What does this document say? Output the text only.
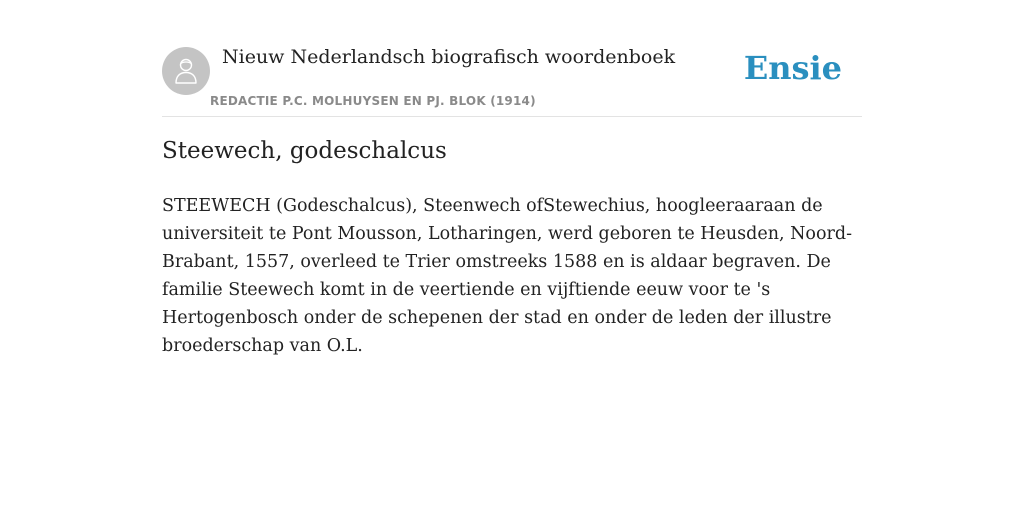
Nieuw Nederlandsch biografisch woordenboek
REDACTIE P.C. MOLHUYSEN EN PJ. BLOK (1914)
Ensie
Steewech, godeschalcus

STEEWECH (Godeschalcus), Steenwech ofStewechius, hoogleeraaraan de universiteit te Pont Mousson, Lotharingen, werd geboren te Heusden, Noord-Brabant, 1557, overleed te Trier omstreeks 1588 en is aldaar begraven. De familie Steewech komt in de veertiende en vijftiende eeuw voor te 's Hertogenbosch onder de schepenen der stad en onder de leden der illustre broederschap van O.L.
